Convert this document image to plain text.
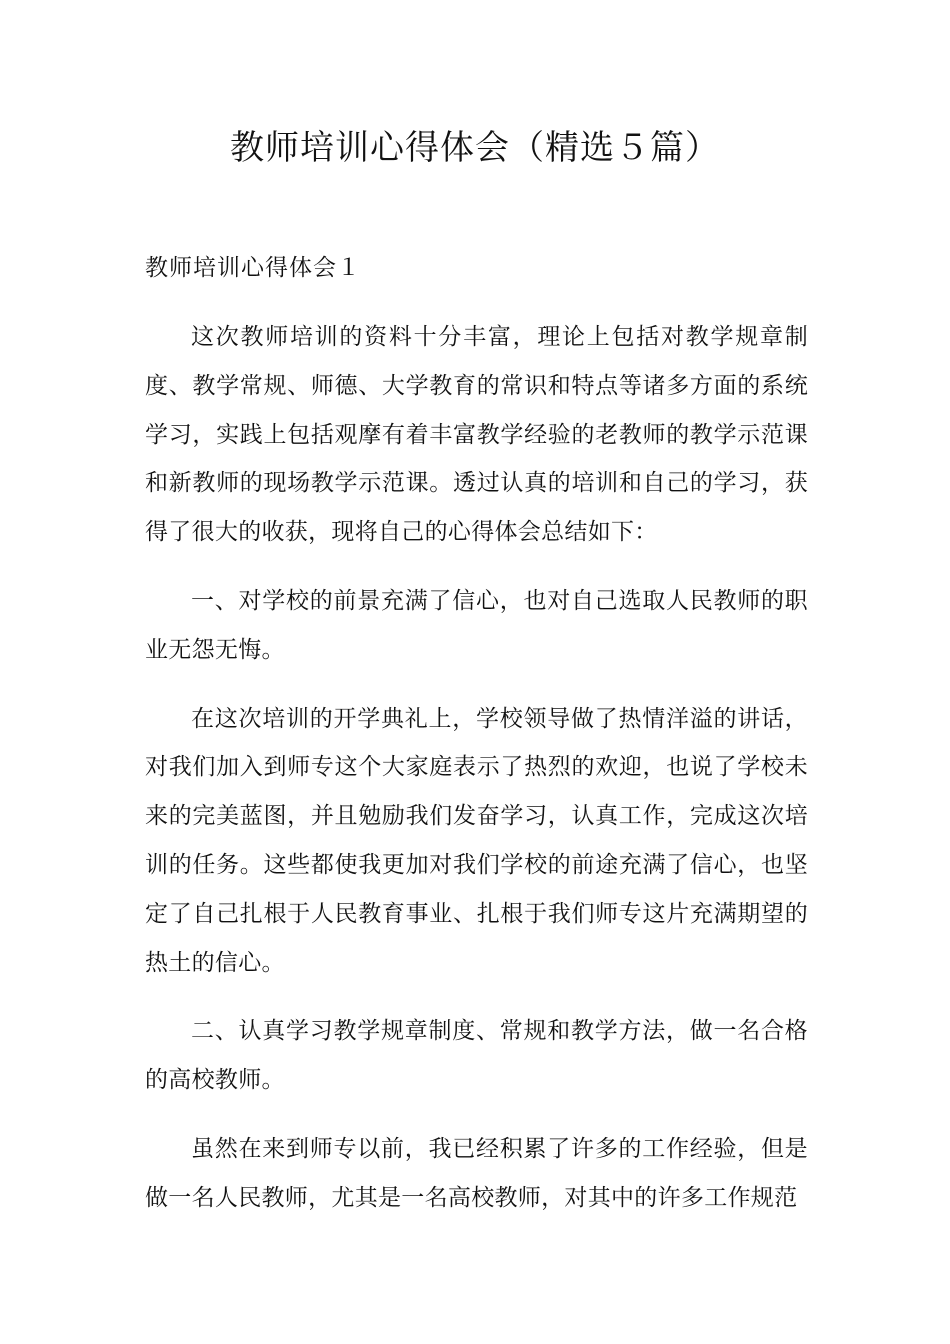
教师培训心得体会（精选５篇）
教师培训心得体会１

这次教师培训的资料十分丰富，理论上包括对教学规章制度、教学常规、师德、大学教育的常识和特点等诸多方面的系统学习，实践上包括观摩有着丰富教学经验的老教师的教学示范课和新教师的现场教学示范课。透过认真的培训和自己的学习，获得了很大的收获，现将自己的心得体会总结如下：

一、对学校的前景充满了信心，也对自己选取人民教师的职业无怨无悔。

在这次培训的开学典礼上，学校领导做了热情洋溢的讲话，对我们加入到师专这个大家庭表示了热烈的欢迎，也说了学校未来的完美蓝图，并且勉励我们发奋学习，认真工作，完成这次培训的任务。这些都使我更加对我们学校的前途充满了信心，也坚定了自己扎根于人民教育事业、扎根于我们师专这片充满期望的热土的信心。

二、认真学习教学规章制度、常规和教学方法，做一名合格的高校教师。

虽然在来到师专以前，我已经积累了许多的工作经验，但是做一名人民教师，尤其是一名高校教师，对其中的许多工作规范
